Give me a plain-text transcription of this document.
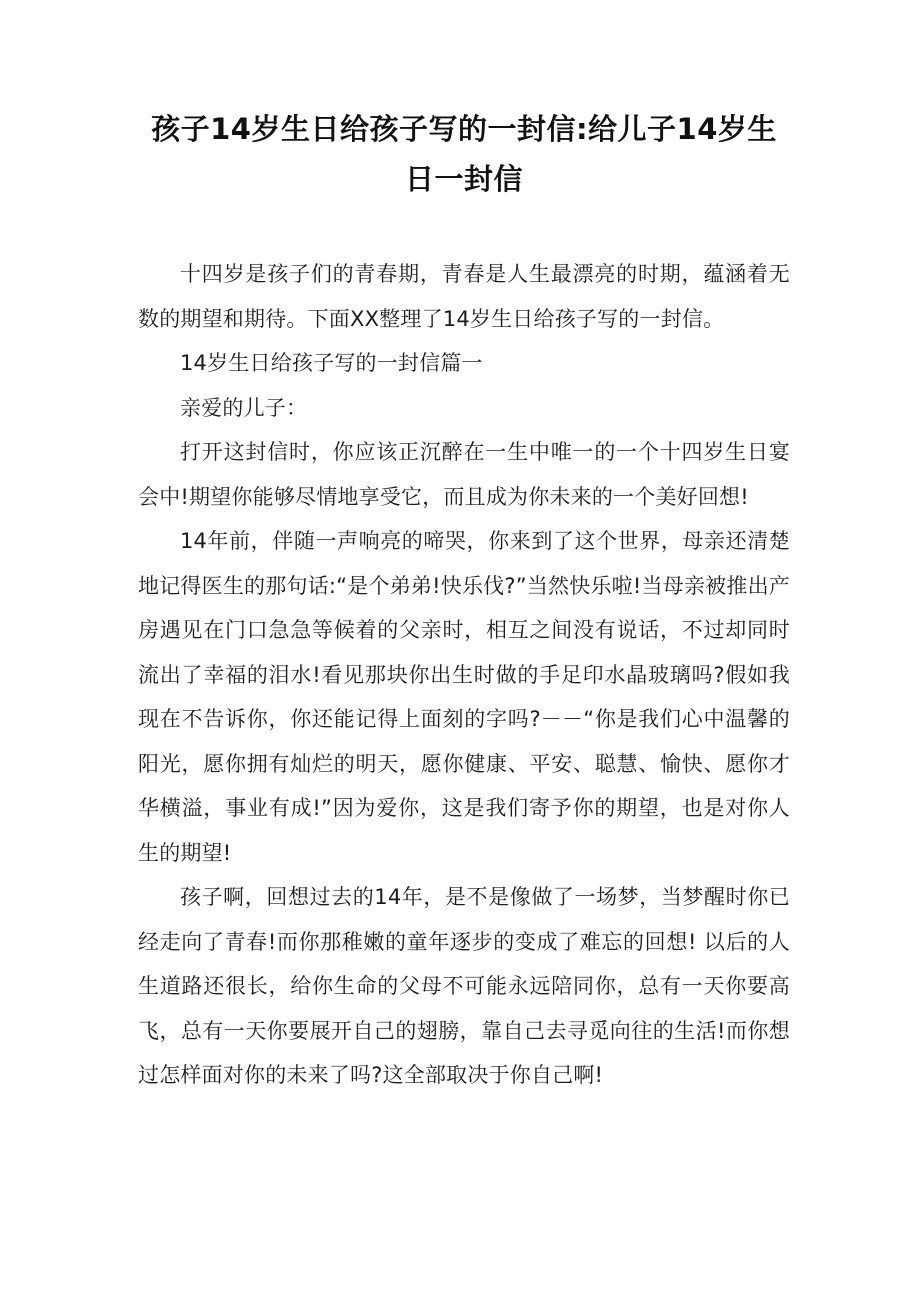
孩子14岁生日给孩子写的一封信:给儿子14岁生日一封信

十四岁是孩子们的青春期，青春是人生最漂亮的时期，蕴涵着无数的期望和期待。下面XX整理了14岁生日给孩子写的一封信。

14岁生日给孩子写的一封信篇一

亲爱的儿子：

打开这封信时，你应该正沉醉在一生中唯一的一个十四岁生日宴会中!期望你能够尽情地享受它，而且成为你未来的一个美好回想!

14年前，伴随一声响亮的啼哭，你来到了这个世界，母亲还清楚地记得医生的那句话:“是个弟弟!快乐伐?”当然快乐啦!当母亲被推出产房遇见在门口急急等候着的父亲时，相互之间没有说话，不过却同时流出了幸福的泪水!看见那块你出生时做的手足印水晶玻璃吗?假如我现在不告诉你，你还能记得上面刻的字吗?－－“你是我们心中温馨的阳光，愿你拥有灿烂的明天，愿你健康、平安、聪慧、愉快、愿你才华横溢，事业有成!”因为爱你，这是我们寄予你的期望，也是对你人生的期望!

孩子啊，回想过去的14年，是不是像做了一场梦，当梦醒时你已经走向了青春!而你那稚嫩的童年逐步的变成了难忘的回想! 以后的人生道路还很长，给你生命的父母不可能永远陪同你，总有一天你要高飞，总有一天你要展开自己的翅膀，靠自己去寻觅向往的生活!而你想过怎样面对你的未来了吗?这全部取决于你自己啊!
